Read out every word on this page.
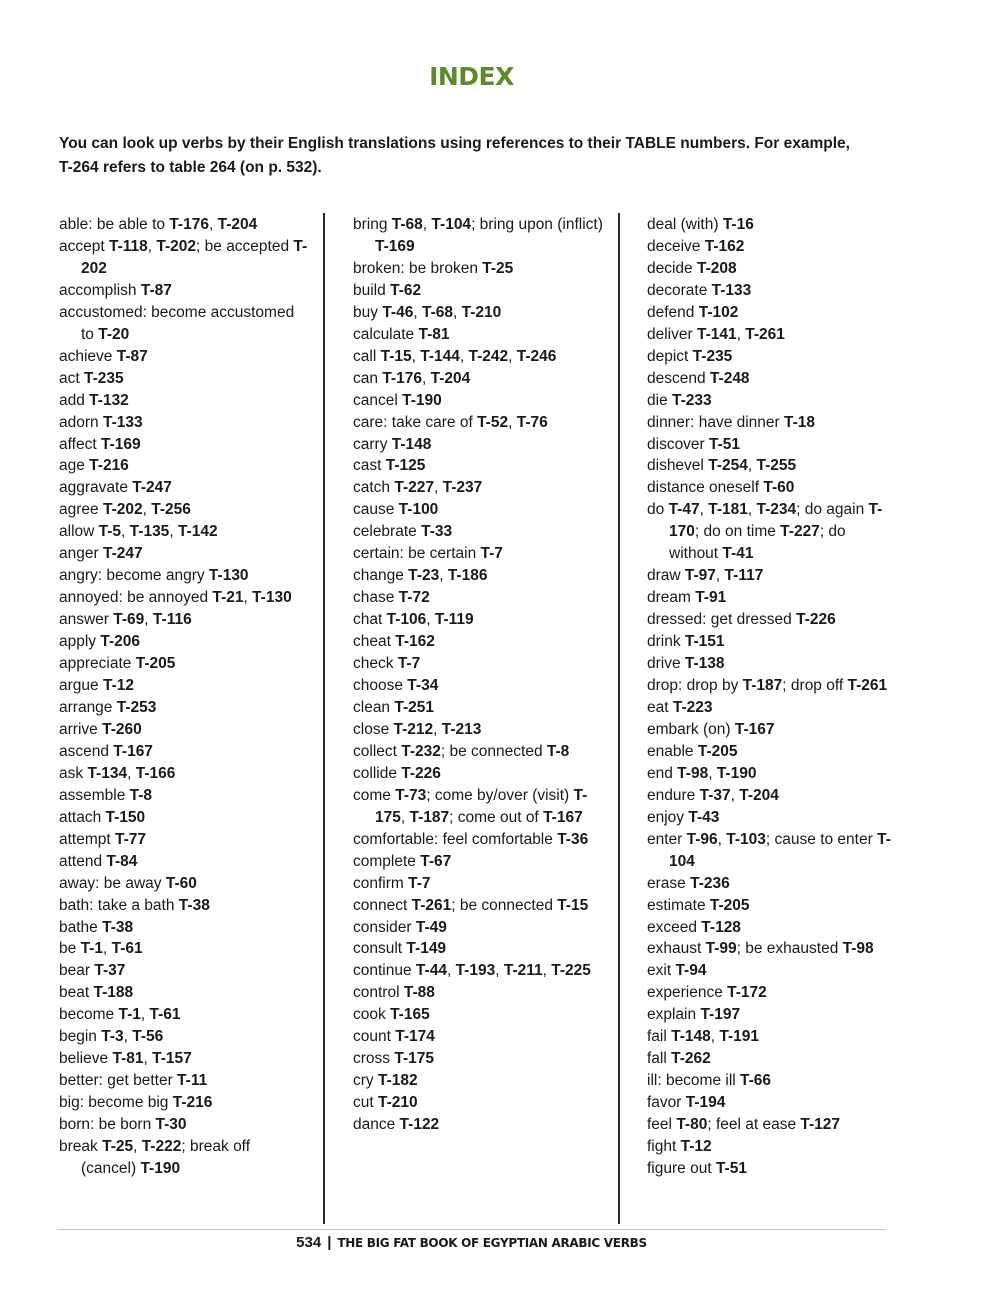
INDEX
You can look up verbs by their English translations using references to their TABLE numbers. For example, T-264 refers to table 264 (on p. 532).
able: be able to T-176, T-204
accept T-118, T-202; be accepted T-202
accomplish T-87
accustomed: become accustomed to T-20
achieve T-87
act T-235
add T-132
adorn T-133
affect T-169
age T-216
aggravate T-247
agree T-202, T-256
allow T-5, T-135, T-142
anger T-247
angry: become angry T-130
annoyed: be annoyed T-21, T-130
answer T-69, T-116
apply T-206
appreciate T-205
argue T-12
arrange T-253
arrive T-260
ascend T-167
ask T-134, T-166
assemble T-8
attach T-150
attempt T-77
attend T-84
away: be away T-60
bath: take a bath T-38
bathe T-38
be T-1, T-61
bear T-37
beat T-188
become T-1, T-61
begin T-3, T-56
believe T-81, T-157
better: get better T-11
big: become big T-216
born: be born T-30
break T-25, T-222; break off (cancel) T-190
bring T-68, T-104; bring upon (inflict) T-169
broken: be broken T-25
build T-62
buy T-46, T-68, T-210
calculate T-81
call T-15, T-144, T-242, T-246
can T-176, T-204
cancel T-190
care: take care of T-52, T-76
carry T-148
cast T-125
catch T-227, T-237
cause T-100
celebrate T-33
certain: be certain T-7
change T-23, T-186
chase T-72
chat T-106, T-119
cheat T-162
check T-7
choose T-34
clean T-251
close T-212, T-213
collect T-232; be connected T-8
collide T-226
come T-73; come by/over (visit) T-175, T-187; come out of T-167
comfortable: feel comfortable T-36
complete T-67
confirm T-7
connect T-261; be connected T-15
consider T-49
consult T-149
continue T-44, T-193, T-211, T-225
control T-88
cook T-165
count T-174
cross T-175
cry T-182
cut T-210
dance T-122
deal (with) T-16
deceive T-162
decide T-208
decorate T-133
defend T-102
deliver T-141, T-261
depict T-235
descend T-248
die T-233
dinner: have dinner T-18
discover T-51
dishevel T-254, T-255
distance oneself T-60
do T-47, T-181, T-234; do again T-170; do on time T-227; do without T-41
draw T-97, T-117
dream T-91
dressed: get dressed T-226
drink T-151
drive T-138
drop: drop by T-187; drop off T-261
eat T-223
embark (on) T-167
enable T-205
end T-98, T-190
endure T-37, T-204
enjoy T-43
enter T-96, T-103; cause to enter T-104
erase T-236
estimate T-205
exceed T-128
exhaust T-99; be exhausted T-98
exit T-94
experience T-172
explain T-197
fail T-148, T-191
fall T-262
ill: become ill T-66
favor T-194
feel T-80; feel at ease T-127
fight T-12
figure out T-51
534 | THE BIG FAT BOOK OF EGYPTIAN ARABIC VERBS
